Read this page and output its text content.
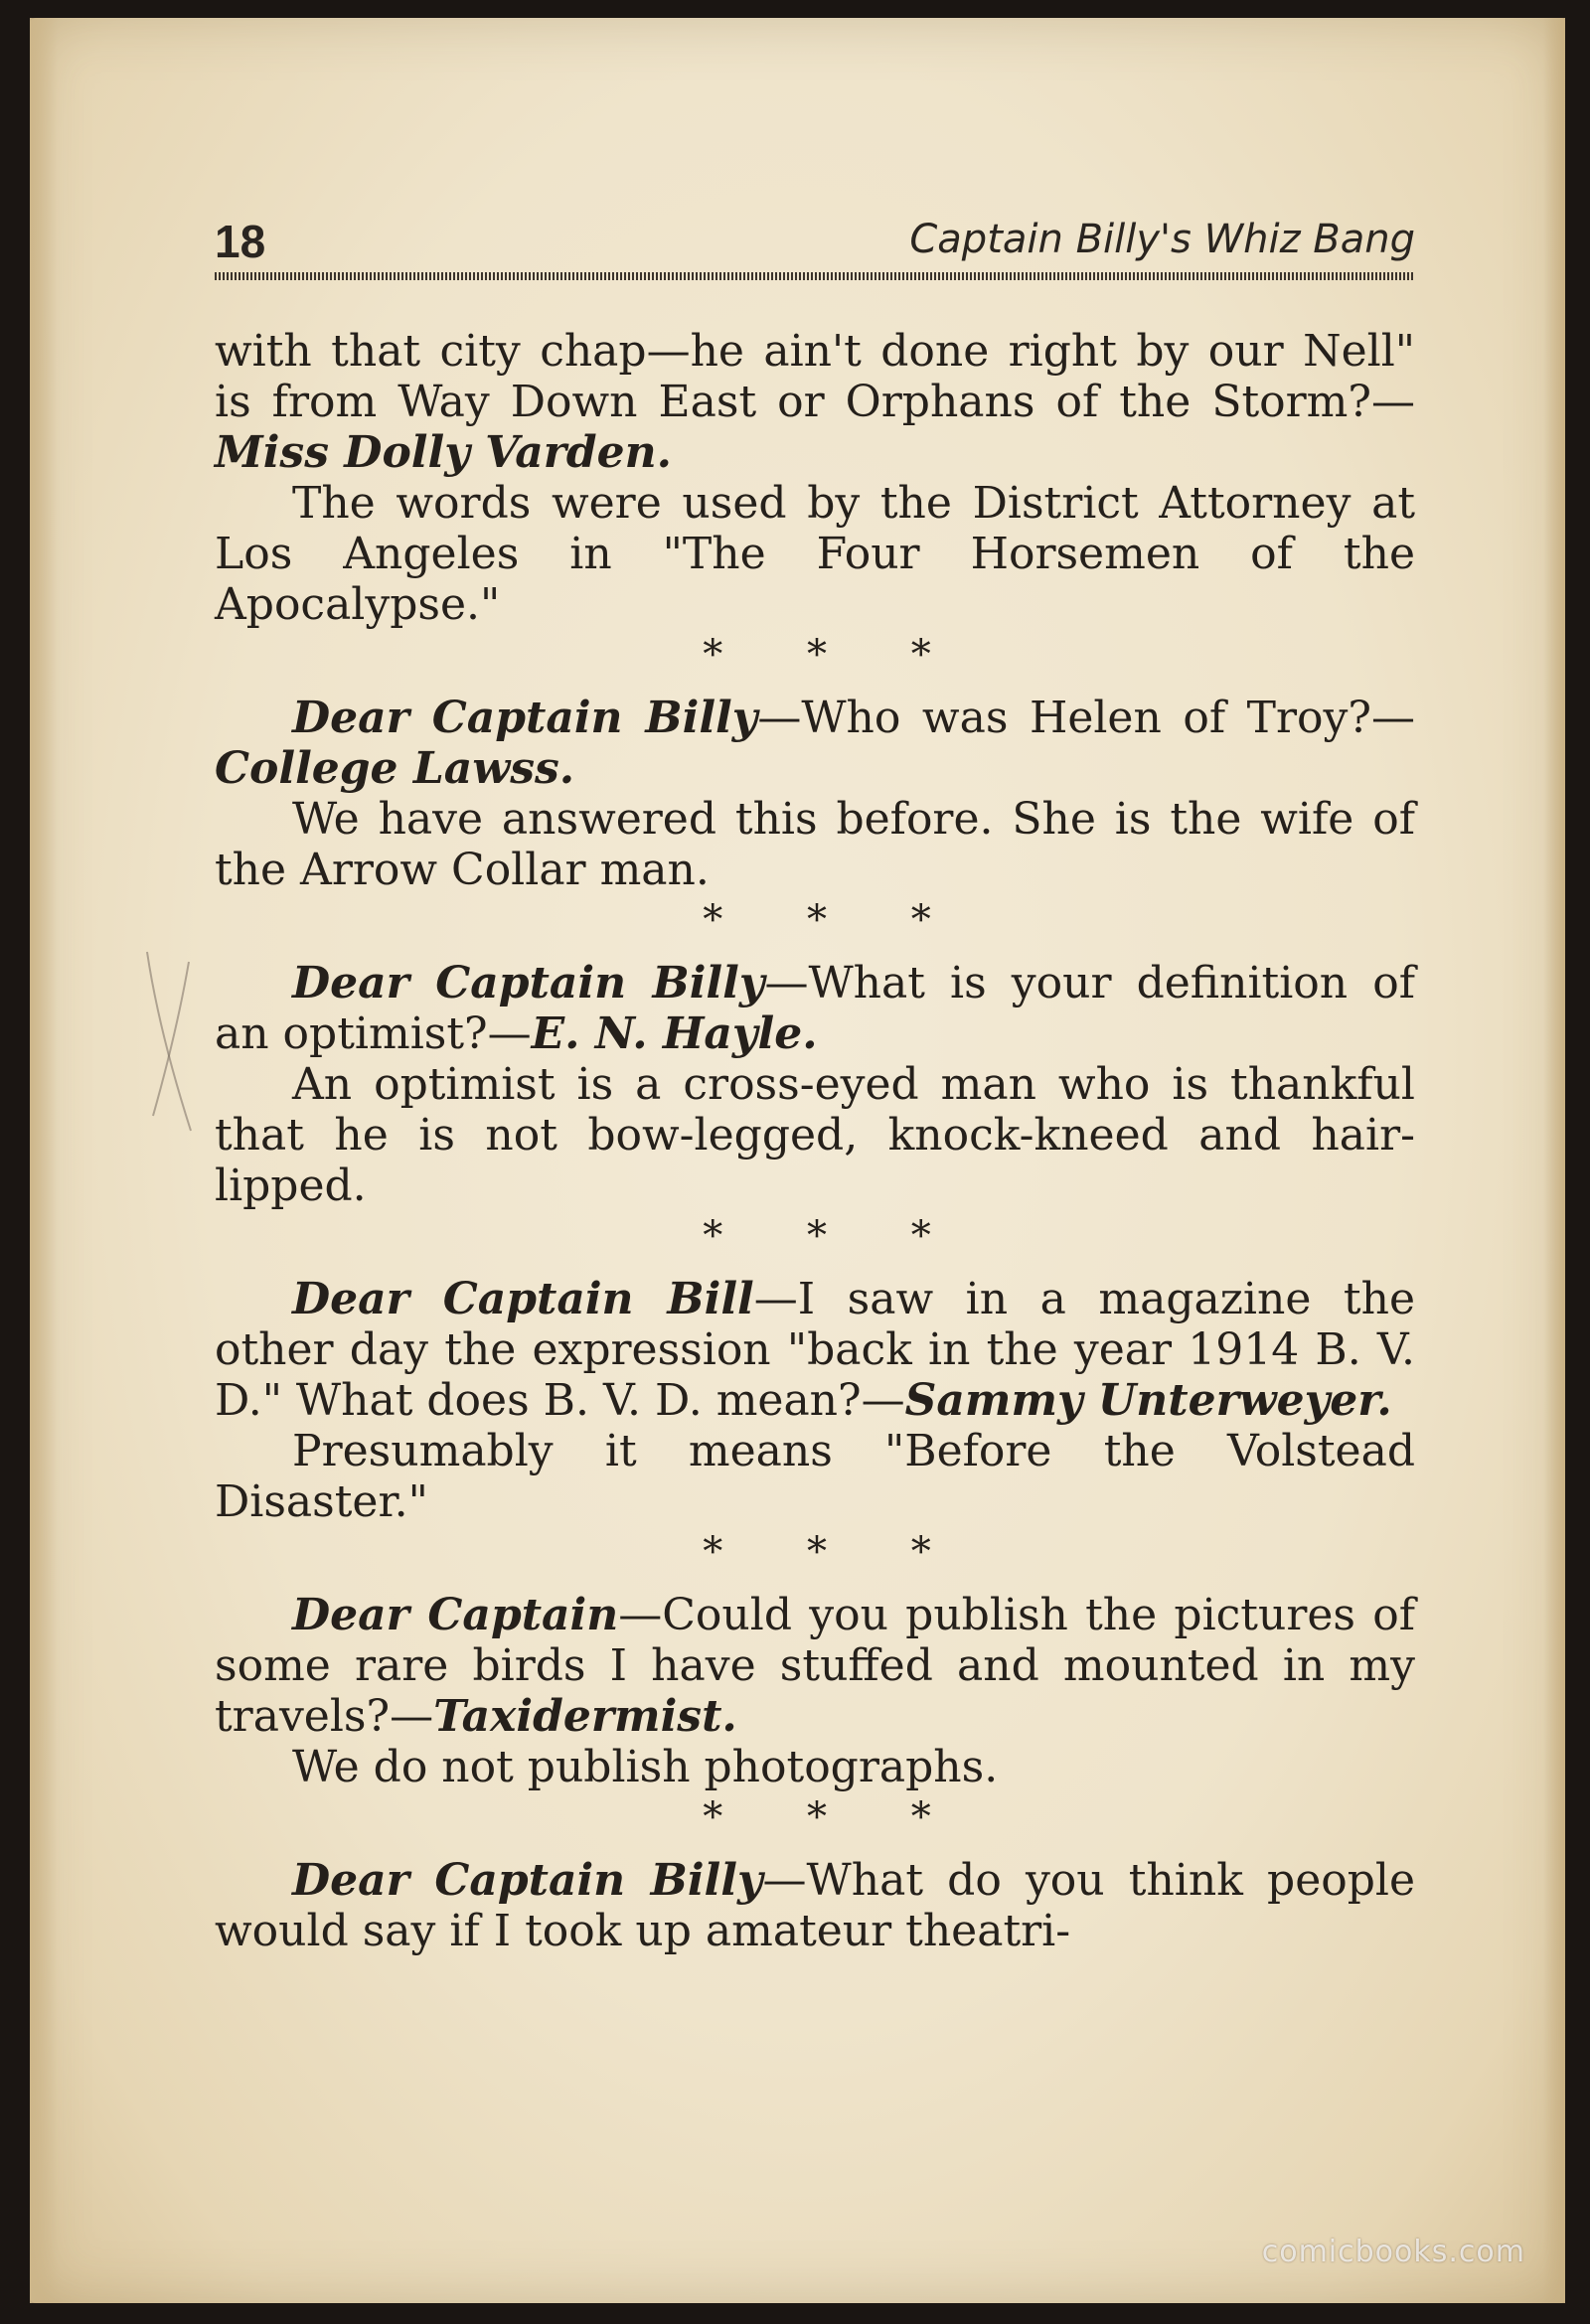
18	Captain Billy's Whiz Bang

with that city chap—he ain't done right by our Nell" is from Way Down East or Orphans of the Storm?—Miss Dolly Varden.

The words were used by the District Attorney at Los Angeles in "The Four Horsemen of the Apocalypse."

* * *

Dear Captain Billy—Who was Helen of Troy?—College Lawss.

We have answered this before. She is the wife of the Arrow Collar man.

* * *

Dear Captain Billy—What is your definition of an optimist?—E. N. Hayle.

An optimist is a cross-eyed man who is thankful that he is not bow-legged, knock-kneed and hair-lipped.

* * *

Dear Captain Bill—I saw in a magazine the other day the expression "back in the year 1914 B. V. D." What does B. V. D. mean?—Sammy Unterweyer.

Presumably it means "Before the Volstead Disaster."

* * *

Dear Captain—Could you publish the pictures of some rare birds I have stuffed and mounted in my travels?—Taxidermist.

We do not publish photographs.

* * *

Dear Captain Billy—What do you think people would say if I took up amateur theatri-

comicbooks.com
